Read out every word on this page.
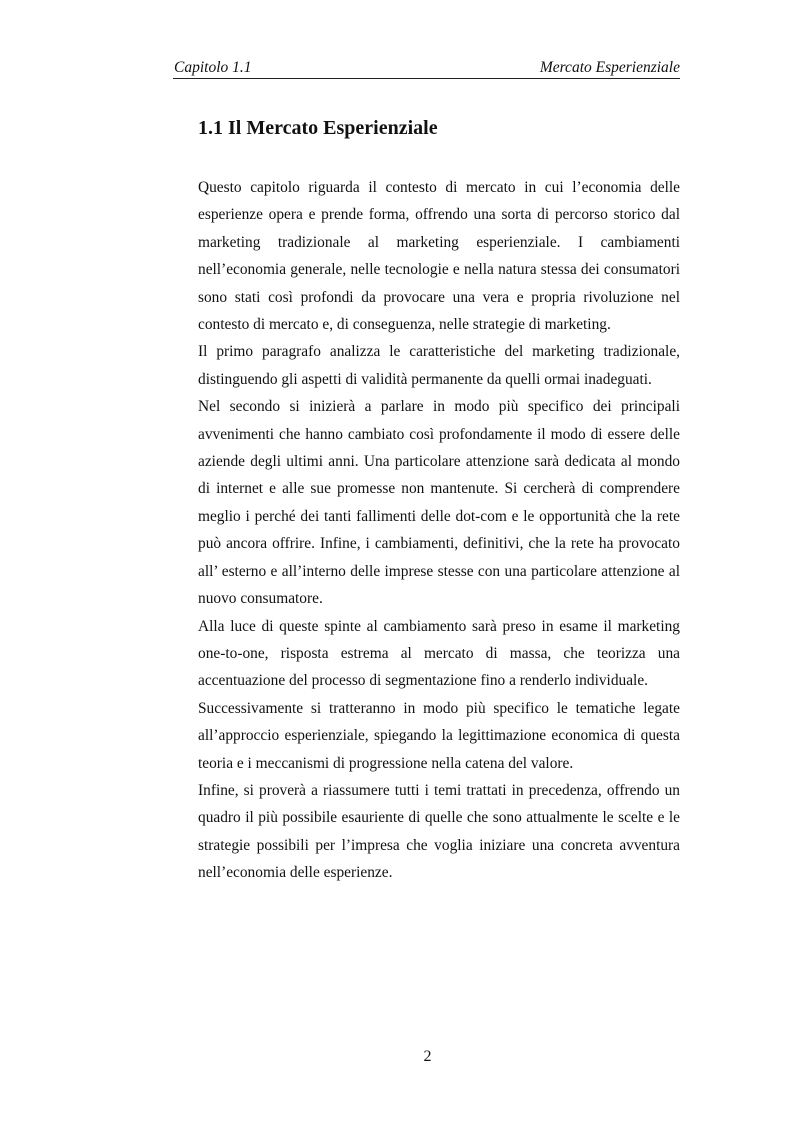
Capitolo 1.1	Mercato Esperienziale
1.1 Il Mercato Esperienziale

Questo capitolo riguarda il contesto di mercato in cui l’economia delle esperienze opera e prende forma, offrendo una sorta di percorso storico dal marketing tradizionale al marketing esperienziale. I cambiamenti nell’economia generale, nelle tecnologie e nella natura stessa dei consumatori sono stati così profondi da provocare una vera e propria rivoluzione nel contesto di mercato e, di conseguenza, nelle strategie di marketing.

Il primo paragrafo analizza le caratteristiche del marketing tradizionale, distinguendo gli aspetti di validità permanente da quelli ormai inadeguati.

Nel secondo si inizierà a parlare in modo più specifico dei principali avvenimenti che hanno cambiato così profondamente il modo di essere delle aziende degli ultimi anni. Una particolare attenzione sarà dedicata al mondo di internet e alle sue promesse non mantenute. Si cercherà di comprendere meglio i perché dei tanti fallimenti delle dot-com e le opportunità che la rete può ancora offrire. Infine, i cambiamenti, definitivi, che la rete ha provocato all’ esterno e all’interno delle imprese stesse con una particolare attenzione al nuovo consumatore.

Alla luce di queste spinte al cambiamento sarà preso in esame il marketing one-to-one, risposta estrema al mercato di massa, che teorizza una accentuazione del processo di segmentazione fino a renderlo individuale.

Successivamente si tratteranno in modo più specifico le tematiche legate all’approccio esperienziale, spiegando la legittimazione economica di questa teoria e i meccanismi di progressione nella catena del valore.

Infine, si proverà a riassumere tutti i temi trattati in precedenza, offrendo un quadro il più possibile esauriente di quelle che sono attualmente le scelte e le strategie possibili per l’impresa che voglia iniziare una concreta avventura nell’economia delle esperienze.

2
